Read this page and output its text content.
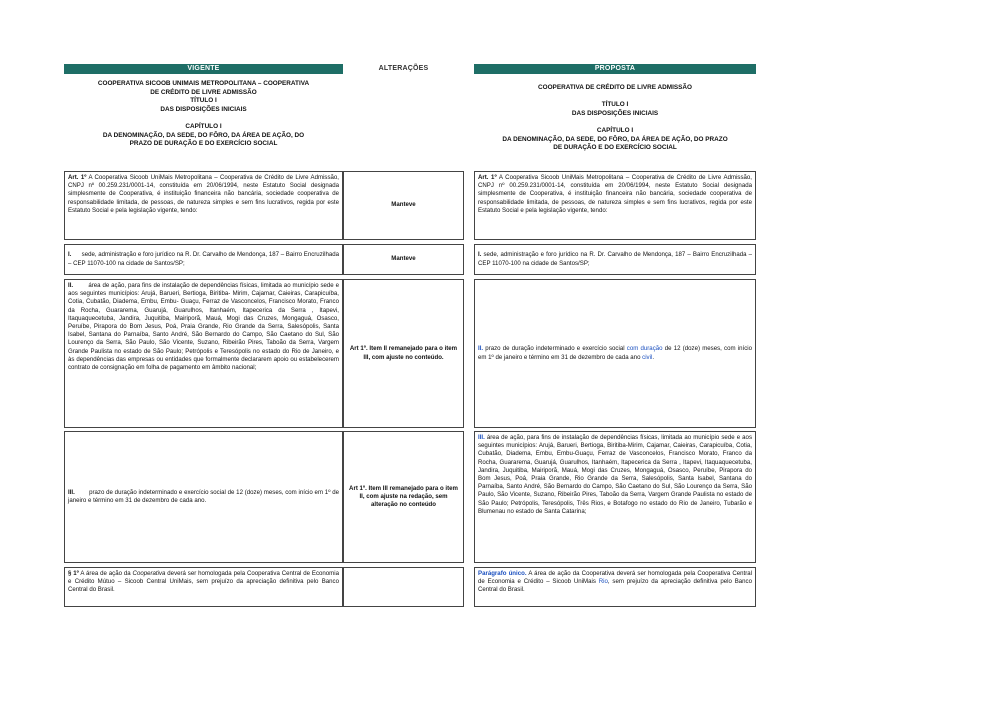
VIGENTE	ALTERAÇÕES	PROPOSTA
COOPERATIVA SICOOB UNIMAIS METROPOLITANA – COOPERATIVA
DE CRÉDITO DE LIVRE ADMISSÃO
TÍTULO I
DAS DISPOSIÇÕES INICIAIS
CAPÍTULO I
DA DENOMINAÇÃO, DA SEDE, DO FÔRO, DA ÁREA DE AÇÃO, DO
PRAZO DE DURAÇÃO E DO EXERCÍCIO SOCIAL
COOPERATIVA DE CRÉDITO DE LIVRE ADMISSÃO
TÍTULO I
DAS DISPOSIÇÕES INICIAIS
CAPÍTULO I
DA DENOMINAÇÃO, DA SEDE, DO FÔRO, DA ÁREA DE AÇÃO, DO PRAZO
DE DURAÇÃO E DO EXERCÍCIO SOCIAL

Art. 1º A Cooperativa Sicoob UniMais Metropolitana – Cooperativa de Crédito de Livre Admissão, CNPJ nº 00.259.231/0001-14, constituída em 20/06/1994, neste Estatuto Social designada simplesmente de Cooperativa, é instituição financeira não bancária, sociedade cooperativa de responsabilidade limitada, de pessoas, de natureza simples e sem fins lucrativos, regida por este Estatuto Social e pela legislação vigente, tendo:

Manteve

Art. 1º A Cooperativa Sicoob UniMais Metropolitana – Cooperativa de Crédito de Livre Admissão, CNPJ nº 00.259.231/0001-14, constituída em 20/06/1994, neste Estatuto Social designada simplesmente de Cooperativa, é instituição financeira não bancária, sociedade cooperativa de responsabilidade limitada, de pessoas, de natureza simples e sem fins lucrativos, regida por este Estatuto Social e pela legislação vigente, tendo:

I.      sede, administração e foro jurídico na R. Dr. Carvalho de Mendonça, 187 – Bairro Encruzilhada – CEP 11070-100 na cidade de Santos/SP;

Manteve

I. sede, administração e foro jurídico na R. Dr. Carvalho de Mendonça, 187 – Bairro Encruzilhada – CEP 11070-100 na cidade de Santos/SP;

II.        área de ação, para fins de instalação de dependências físicas, limitada ao município sede e aos seguintes municípios: Arujá, Barueri, Bertioga, Biritiba- Mirim, Cajamar, Caieiras, Carapicuíba, Cotia, Cubatão, Diadema, Embu, Embu- Guaçu, Ferraz de Vasconcelos, Francisco Morato, Franco da Rocha, Guararema, Guarujá, Guarulhos, Itanhaém, Itapecerica da Serra , Itapevi, Itaquaquecetuba, Jandira, Juquitiba, Mairiporã, Mauá, Mogi das Cruzes, Mongaguá, Osasco, Peruíbe, Pirapora do Bom Jesus, Poá, Praia Grande, Rio Grande da Serra, Salesópolis, Santa Isabel, Santana do Parnaíba, Santo André, São Bernardo do Campo, São Caetano do Sul, São Lourenço da Serra, São Paulo, São Vicente, Suzano, Ribeirão Pires, Taboão da Serra, Vargem Grande Paulista no estado de São Paulo; Petrópolis e Teresópolis no estado do Rio de Janeiro, e às dependências das empresas ou entidades que formalmente declararem apoio ou estabelecerem contrato de consignação em folha de pagamento em âmbito nacional;

Art 1º. Item II remanejado para o item III, com ajuste no conteúdo.

II. prazo de duração indeterminado e exercício social com duração de 12 (doze) meses, com início em 1º de janeiro e término em 31 de dezembro de cada ano civil.

III.        prazo de duração indeterminado e exercício social de 12 (doze) meses, com início em 1º de janeiro e término em 31 de dezembro de cada ano.

Art 1º. Item III remanejado para o item II, com ajuste na redação, sem alteração no conteúdo

III. área de ação, para fins de instalação de dependências físicas, limitada ao município sede e aos seguintes municípios: Arujá, Barueri, Bertioga, Biritiba-Mirim, Cajamar, Caieiras, Carapicuíba, Cotia, Cubatão, Diadema, Embu, Embu-Guaçu, Ferraz de Vasconcelos, Francisco Morato, Franco da Rocha, Guararema, Guarujá, Guarulhos, Itanhaém, Itapecerica da Serra , Itapevi, Itaquaquecetuba, Jandira, Juquitiba, Mairiporã, Mauá, Mogi das Cruzes, Mongaguá, Osasco, Peruíbe, Pirapora do Bom Jesus, Poá, Praia Grande, Rio Grande da Serra, Salesópolis, Santa Isabel, Santana do Parnaíba, Santo André, São Bernardo do Campo, São Caetano do Sul, São Lourenço da Serra, São Paulo, São Vicente, Suzano, Ribeirão Pires, Taboão da Serra, Vargem Grande Paulista no estado de São Paulo; Petrópolis, Teresópolis, Três Rios, e Botafogo no estado do Rio de Janeiro, Tubarão e Blumenau no estado de Santa Catarina;

§ 1º A área de ação da Cooperativa deverá ser homologada pela Cooperativa Central de Economia e Crédito Mútuo – Sicoob Central UniMais, sem prejuízo da apreciação definitiva pelo Banco Central do Brasil.

Parágrafo único. A área de ação da Cooperativa deverá ser homologada pela Cooperativa Central de Economia e Crédito – Sicoob UniMais Rio, sem prejuízo da apreciação definitiva pelo Banco Central do Brasil.
